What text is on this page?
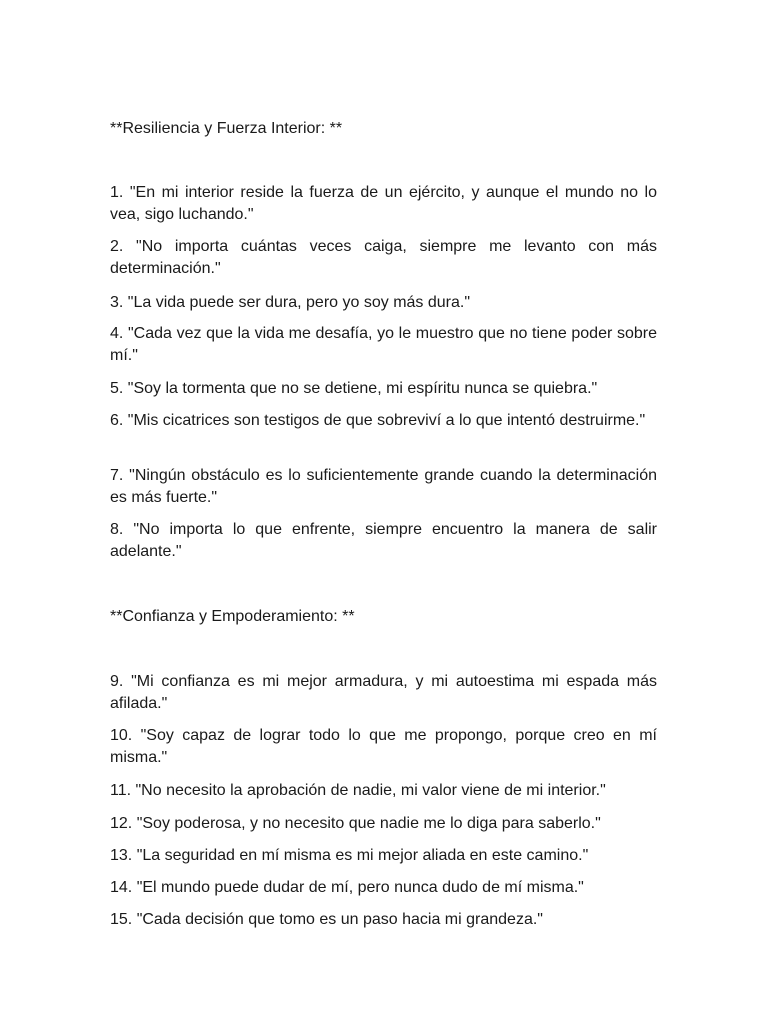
**Resiliencia y Fuerza Interior: **

1. "En mi interior reside la fuerza de un ejército, y aunque el mundo no lo vea, sigo luchando."

2. "No importa cuántas veces caiga, siempre me levanto con más determinación."

3. "La vida puede ser dura, pero yo soy más dura."

4. "Cada vez que la vida me desafía, yo le muestro que no tiene poder sobre mí."

5. "Soy la tormenta que no se detiene, mi espíritu nunca se quiebra."

6. "Mis cicatrices son testigos de que sobreviví a lo que intentó destruirme."

7. "Ningún obstáculo es lo suficientemente grande cuando la determinación es más fuerte."

8. "No importa lo que enfrente, siempre encuentro la manera de salir adelante."

**Confianza y Empoderamiento: **

9. "Mi confianza es mi mejor armadura, y mi autoestima mi espada más afilada."

10. "Soy capaz de lograr todo lo que me propongo, porque creo en mí misma."

11. "No necesito la aprobación de nadie, mi valor viene de mi interior."

12. "Soy poderosa, y no necesito que nadie me lo diga para saberlo."

13. "La seguridad en mí misma es mi mejor aliada en este camino."

14. "El mundo puede dudar de mí, pero nunca dudo de mí misma."

15. "Cada decisión que tomo es un paso hacia mi grandeza."
